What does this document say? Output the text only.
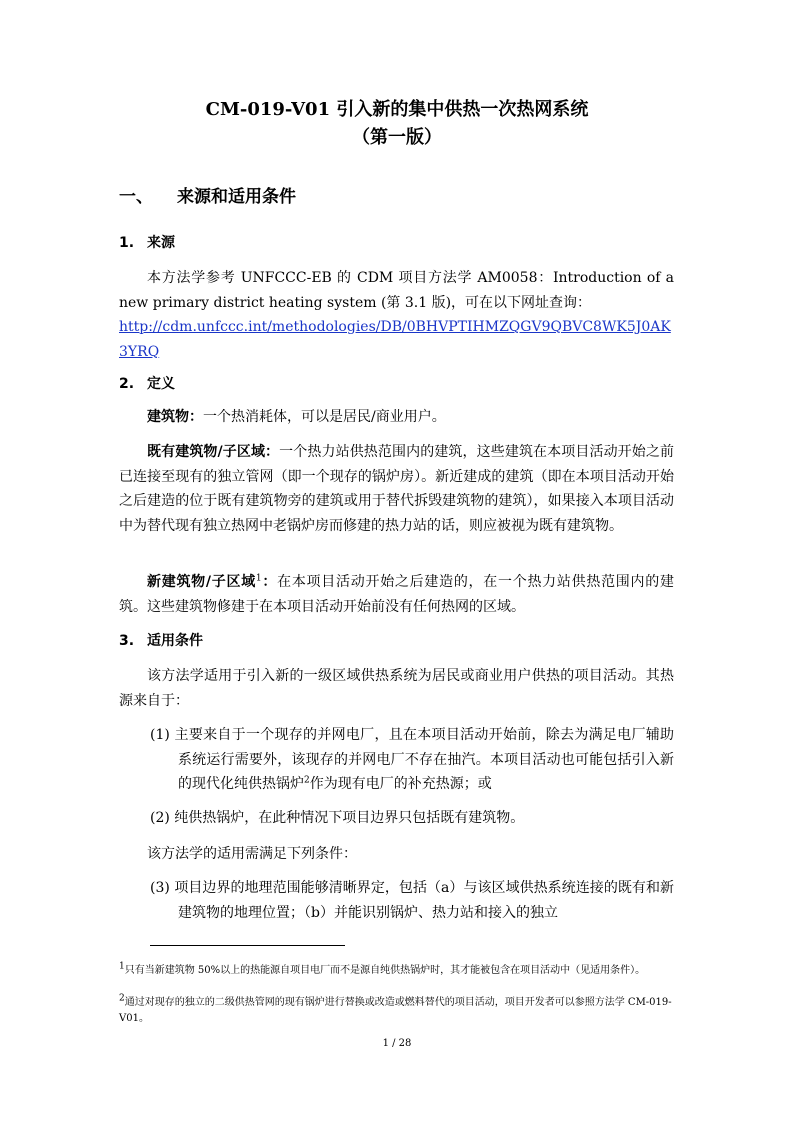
CM-019-V01 引入新的集中供热一次热网系统
（第一版）
一、 来源和适用条件
1. 来源
本方法学参考 UNFCCC-EB 的 CDM 项目方法学 AM0058：Introduction of a new primary district heating system (第 3.1 版)，可在以下网址查询：
http://cdm.unfccc.int/methodologies/DB/0BHVPTIHMZQGV9QBVC8WK5J0AK3YRQ
2. 定义
建筑物：一个热消耗体，可以是居民/商业用户。
既有建筑物/子区域：一个热力站供热范围内的建筑，这些建筑在本项目活动开始之前已连接至现有的独立管网（即一个现存的锅炉房）。新近建成的建筑（即在本项目活动开始之后建造的位于既有建筑物旁的建筑或用于替代拆毁建筑物的建筑），如果接入本项目活动中为替代现有独立热网中老锅炉房而修建的热力站的话，则应被视为既有建筑物。
新建筑物/子区域$^1$：在本项目活动开始之后建造的，在一个热力站供热范围内的建筑。这些建筑物修建于在本项目活动开始前没有任何热网的区域。
3. 适用条件
该方法学适用于引入新的一级区域供热系统为居民或商业用户供热的项目活动。其热源来自于：
(1) 主要来自于一个现存的并网电厂，且在本项目活动开始前，除去为满足电厂辅助系统运行需要外，该现存的并网电厂不存在抽汽。本项目活动也可能包括引入新的现代化纯供热锅炉$^2$作为现有电厂的补充热源；或
(2) 纯供热锅炉，在此种情况下项目边界只包括既有建筑物。
该方法学的适用需满足下列条件：
(3) 项目边界的地理范围能够清晰界定，包括（a）与该区域供热系统连接的既有和新建筑物的地理位置；（b）并能识别锅炉、热力站和接入的独立
$^1$只有当新建筑物 50%以上的热能源自项目电厂而不是源自纯供热锅炉时，其才能被包含在项目活动中（见适用条件）。
$^2$通过对现存的独立的二级供热管网的现有锅炉进行替换或改造或燃料替代的项目活动，项目开发者可以参照方法学 CM-019-V01。
1 / 28
